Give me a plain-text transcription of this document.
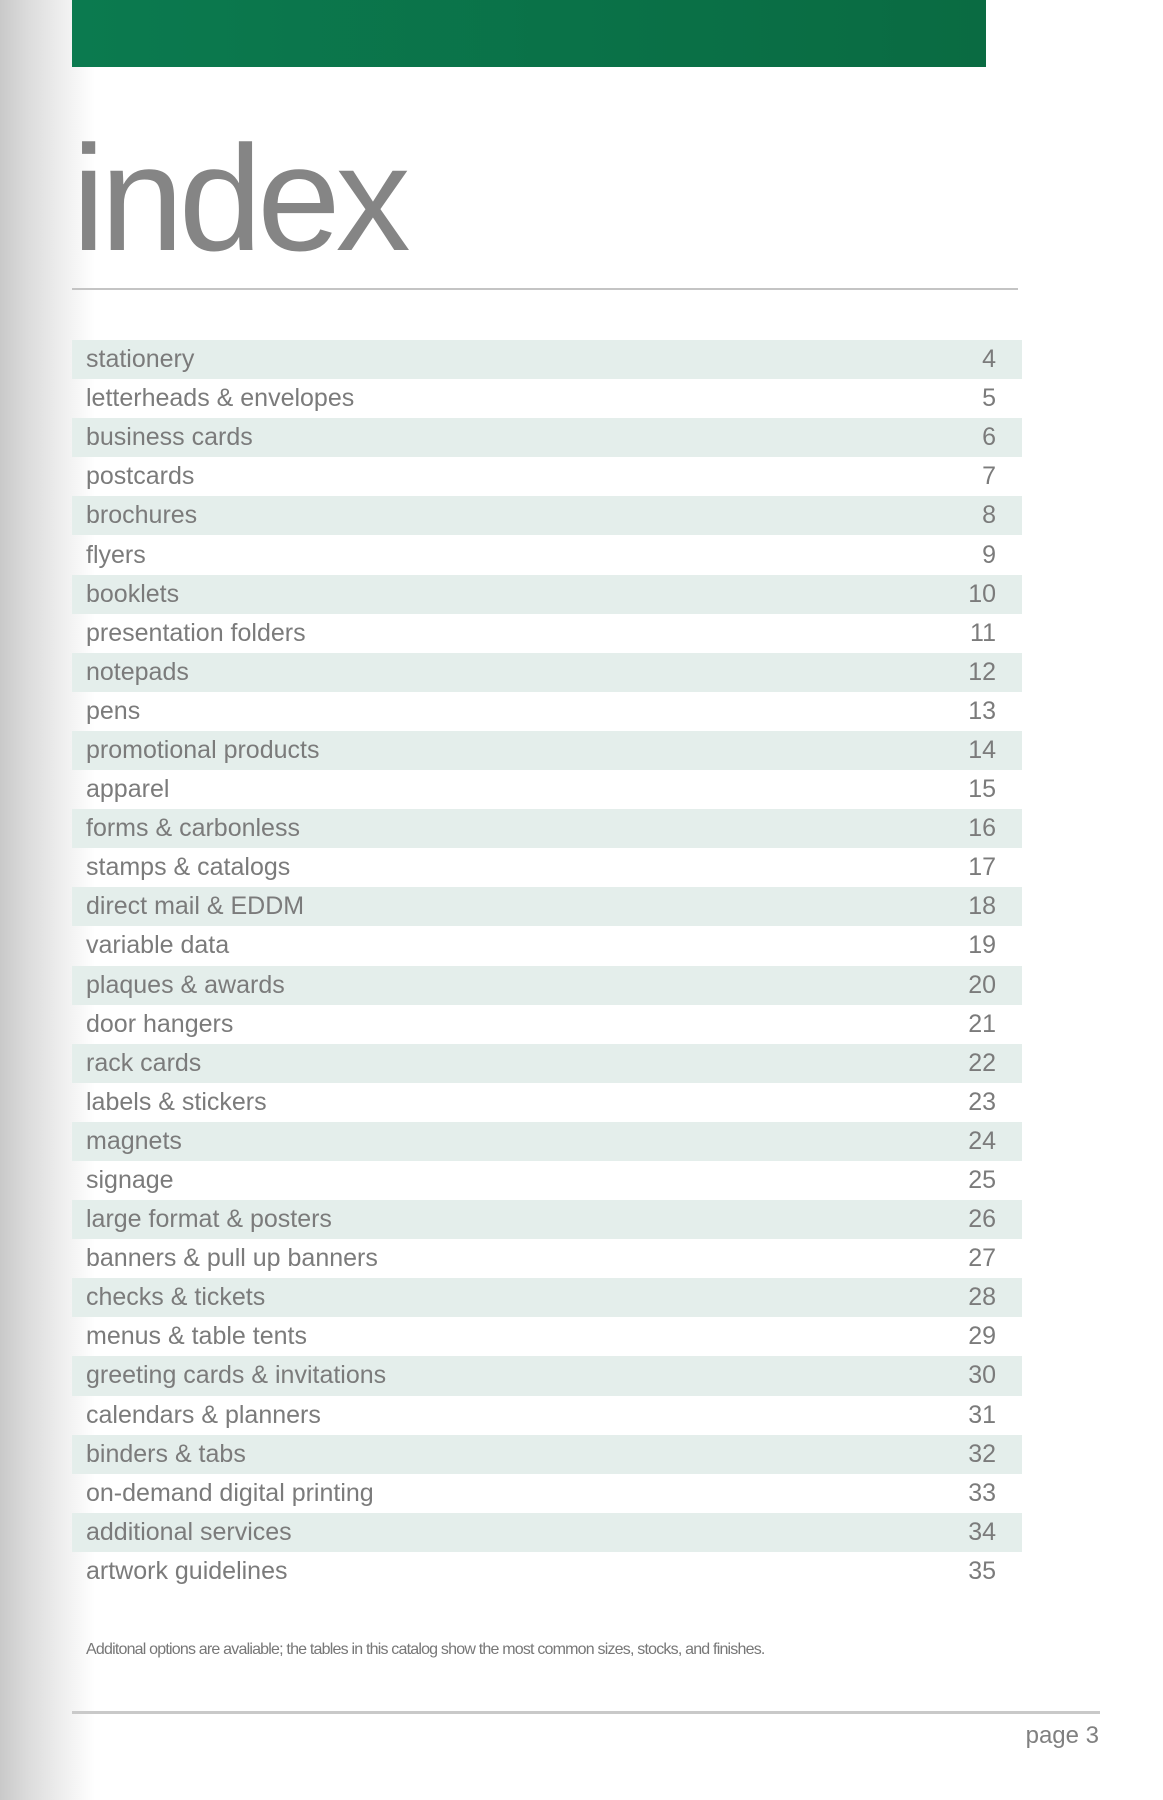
index
stationery	4
letterheads & envelopes	5
business cards	6
postcards	7
brochures	8
flyers	9
booklets	10
presentation folders	11
notepads	12
pens	13
promotional products	14
apparel	15
forms & carbonless	16
stamps & catalogs	17
direct mail & EDDM	18
variable data	19
plaques & awards	20
door hangers	21
rack cards	22
labels & stickers	23
magnets	24
signage	25
large format & posters	26
banners & pull up banners	27
checks & tickets	28
menus & table tents	29
greeting cards & invitations	30
calendars & planners	31
binders & tabs	32
on-demand digital printing	33
additional services	34
artwork guidelines	35
Additonal options are avaliable; the tables in this catalog show the most common sizes, stocks, and finishes.
page 3
